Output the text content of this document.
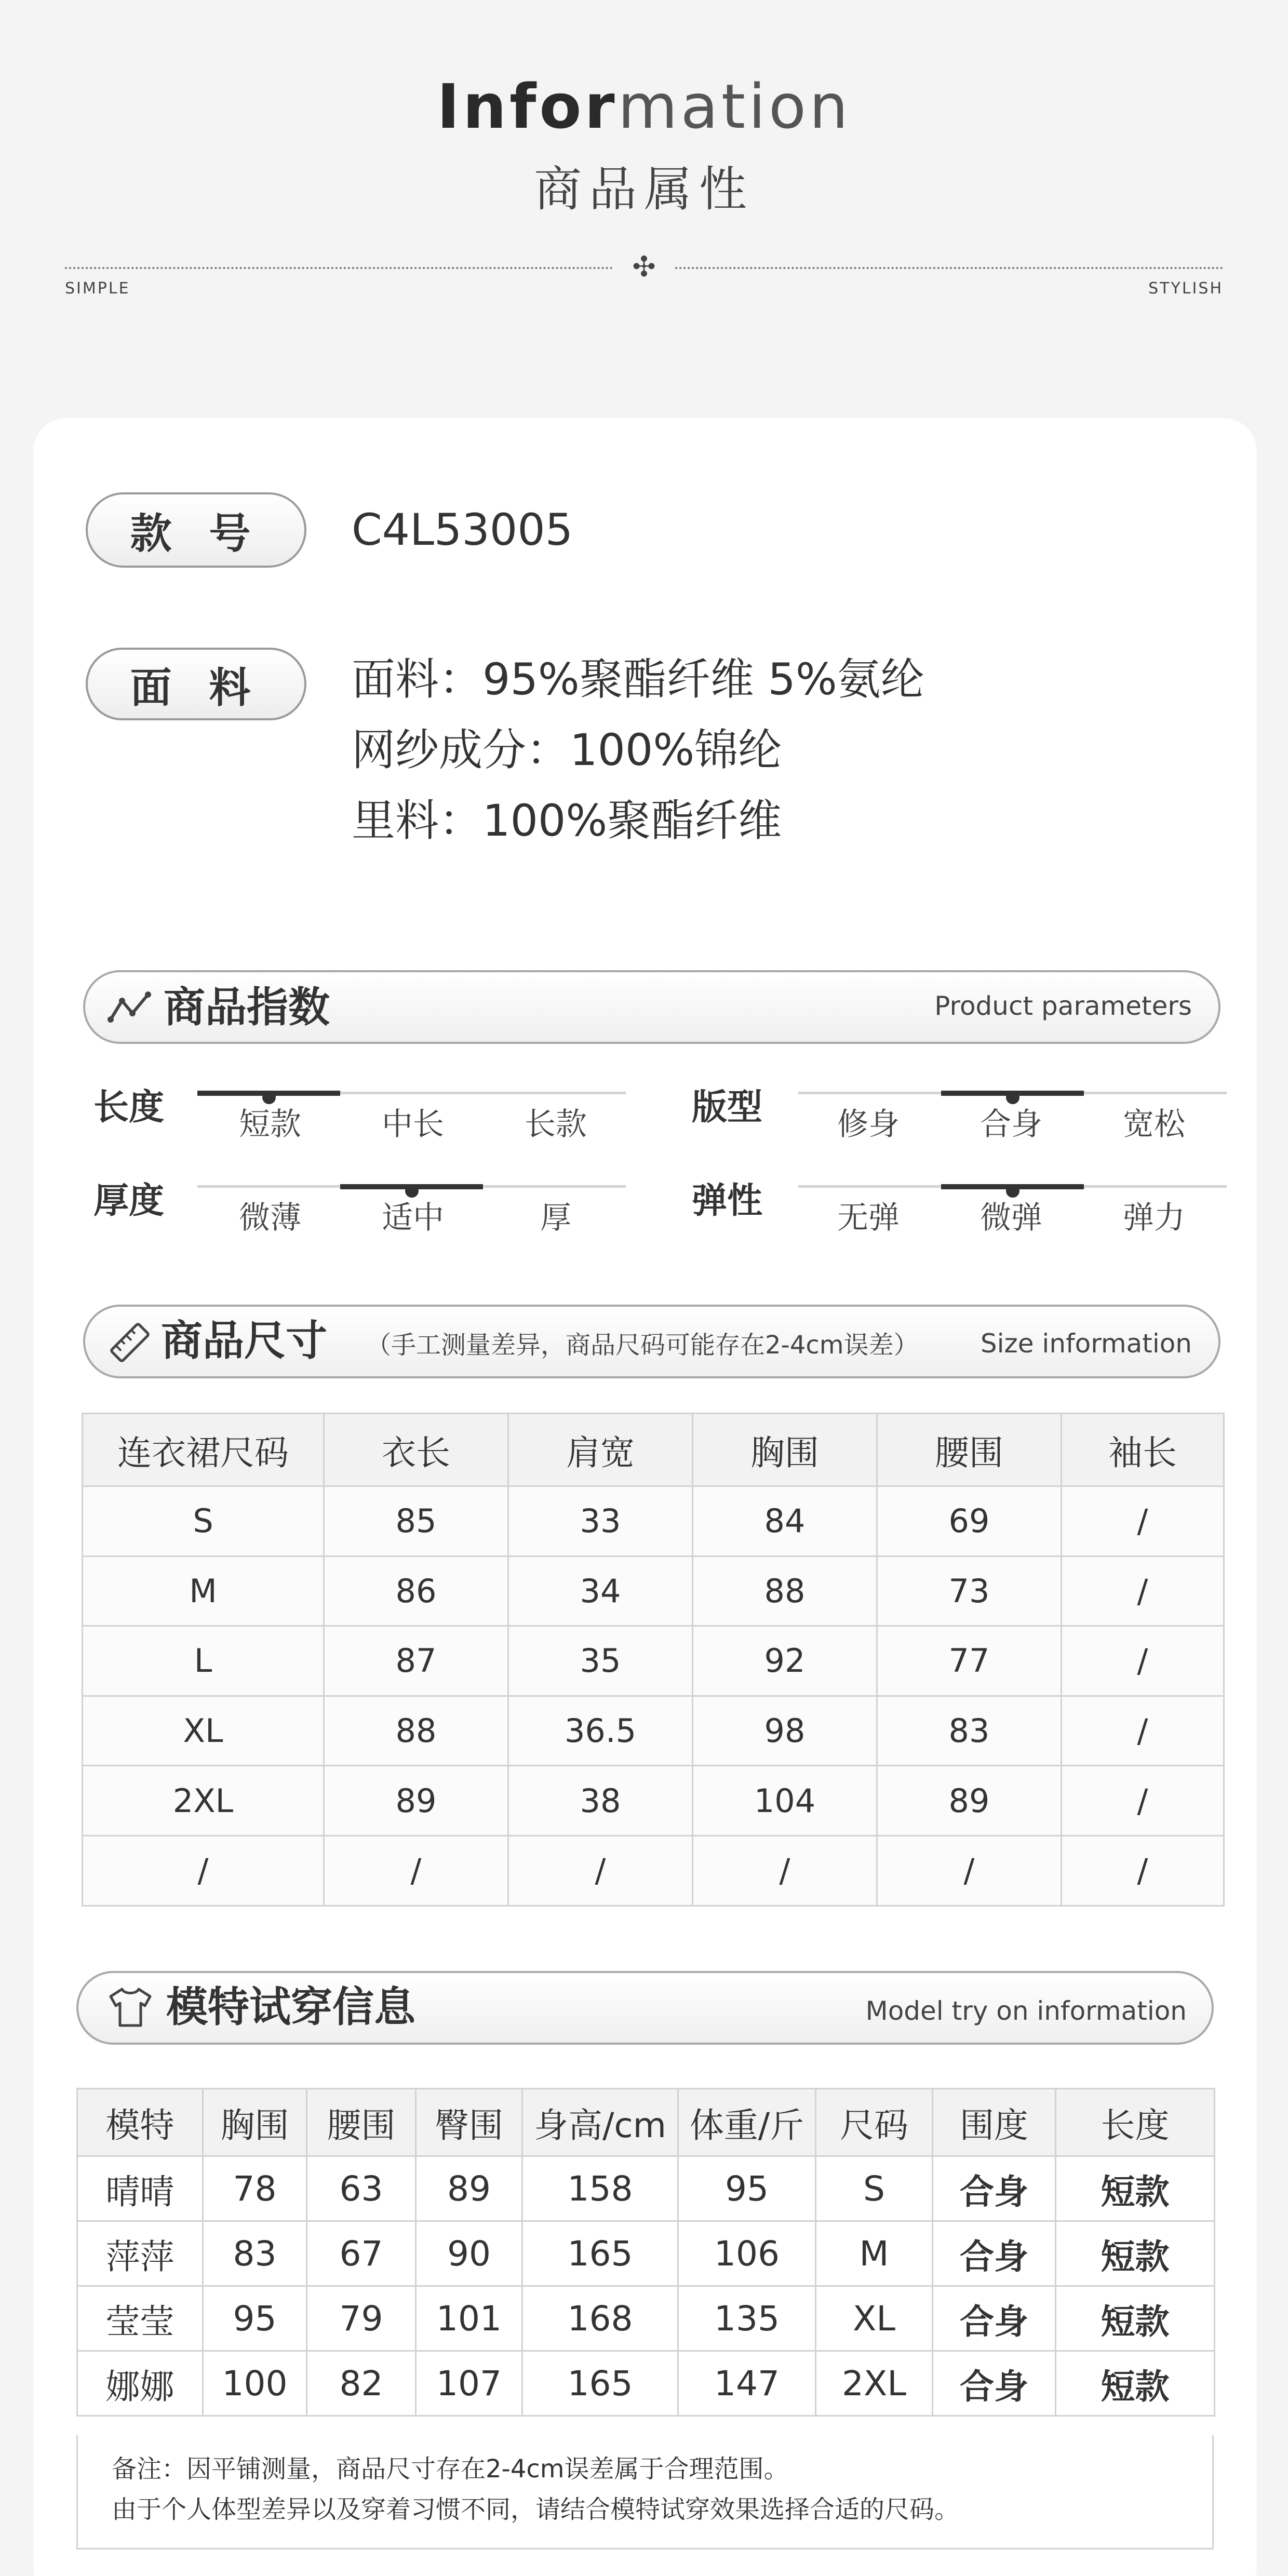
Information
商品属性
✣
SIMPLE	STYLISH
款 号	C4L53005
面 料	面料：95%聚酯纤维 5%氨纶
网纱成分：100%锦纶
里料：100%聚酯纤维
商品指数	Product parameters
长度	短款	中长	长款	版型	修身	合身	宽松
厚度	微薄	适中	厚	弹性	无弹	微弹	弹力
商品尺寸 （手工测量差异，商品尺码可能存在2-4cm误差） Size information
连衣裙尺码	衣长	肩宽	胸围	腰围	袖长
S	85	33	84	69	/
M	86	34	88	73	/
L	87	35	92	77	/
XL	88	36.5	98	83	/
2XL	89	38	104	89	/
/	/	/	/	/	/
模特试穿信息	Model try on information
模特	胸围	腰围	臀围	身高/cm	体重/斤	尺码	围度	长度
晴晴	78	63	89	158	95	S	合身	短款
萍萍	83	67	90	165	106	M	合身	短款
莹莹	95	79	101	168	135	XL	合身	短款
娜娜	100	82	107	165	147	2XL	合身	短款
备注：因平铺测量，商品尺寸存在2-4cm误差属于合理范围。
由于个人体型差异以及穿着习惯不同，请结合模特试穿效果选择合适的尺码。
